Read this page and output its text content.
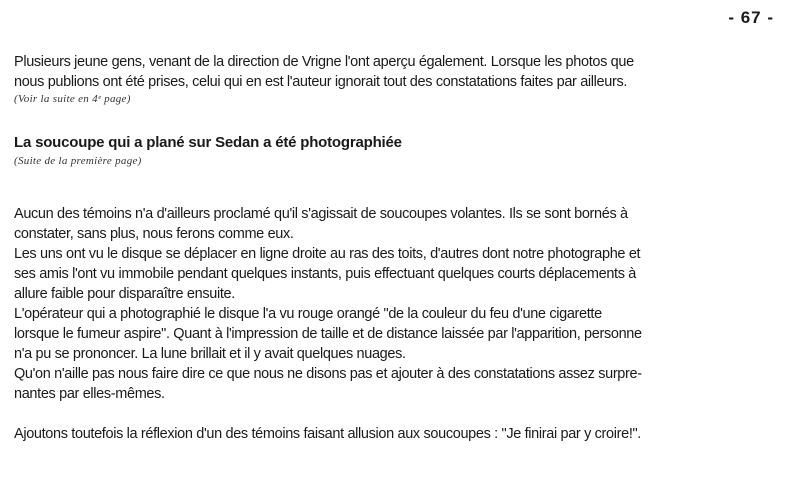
- 67 -
Plusieurs jeune gens, venant de la direction de Vrigne l'ont aperçu également. Lorsque les photos que
nous publions ont été prises, celui qui en est l'auteur ignorait tout des constatations faites par ailleurs.
(Voir la suite en 4ᵉ page)
La soucoupe qui a plané sur Sedan a été photographiée
(Suite de la première page)
Aucun des témoins n'a d'ailleurs proclamé qu'il s'agissait de soucoupes volantes. Ils se sont bornés à
constater, sans plus, nous ferons comme eux.
Les uns ont vu le disque se déplacer en ligne droite au ras des toits, d'autres dont notre photographe et
ses amis l'ont vu immobile pendant quelques instants, puis effectuant quelques courts déplacements à
allure faible pour disparaître ensuite.
L'opérateur qui a photographié le disque l'a vu rouge orangé "de la couleur du feu d'une cigarette
lorsque le fumeur aspire". Quant à l'impression de taille et de distance laissée par l'apparition, personne
n'a pu se prononcer. La lune brillait et il y avait quelques nuages.
Qu'on n'aille pas nous faire dire ce que nous ne disons pas et ajouter à des constatations assez surpre-
nantes par elles-mêmes.
Ajoutons toutefois la réflexion d'un des témoins faisant allusion aux soucoupes : "Je finirai par y croire!".
